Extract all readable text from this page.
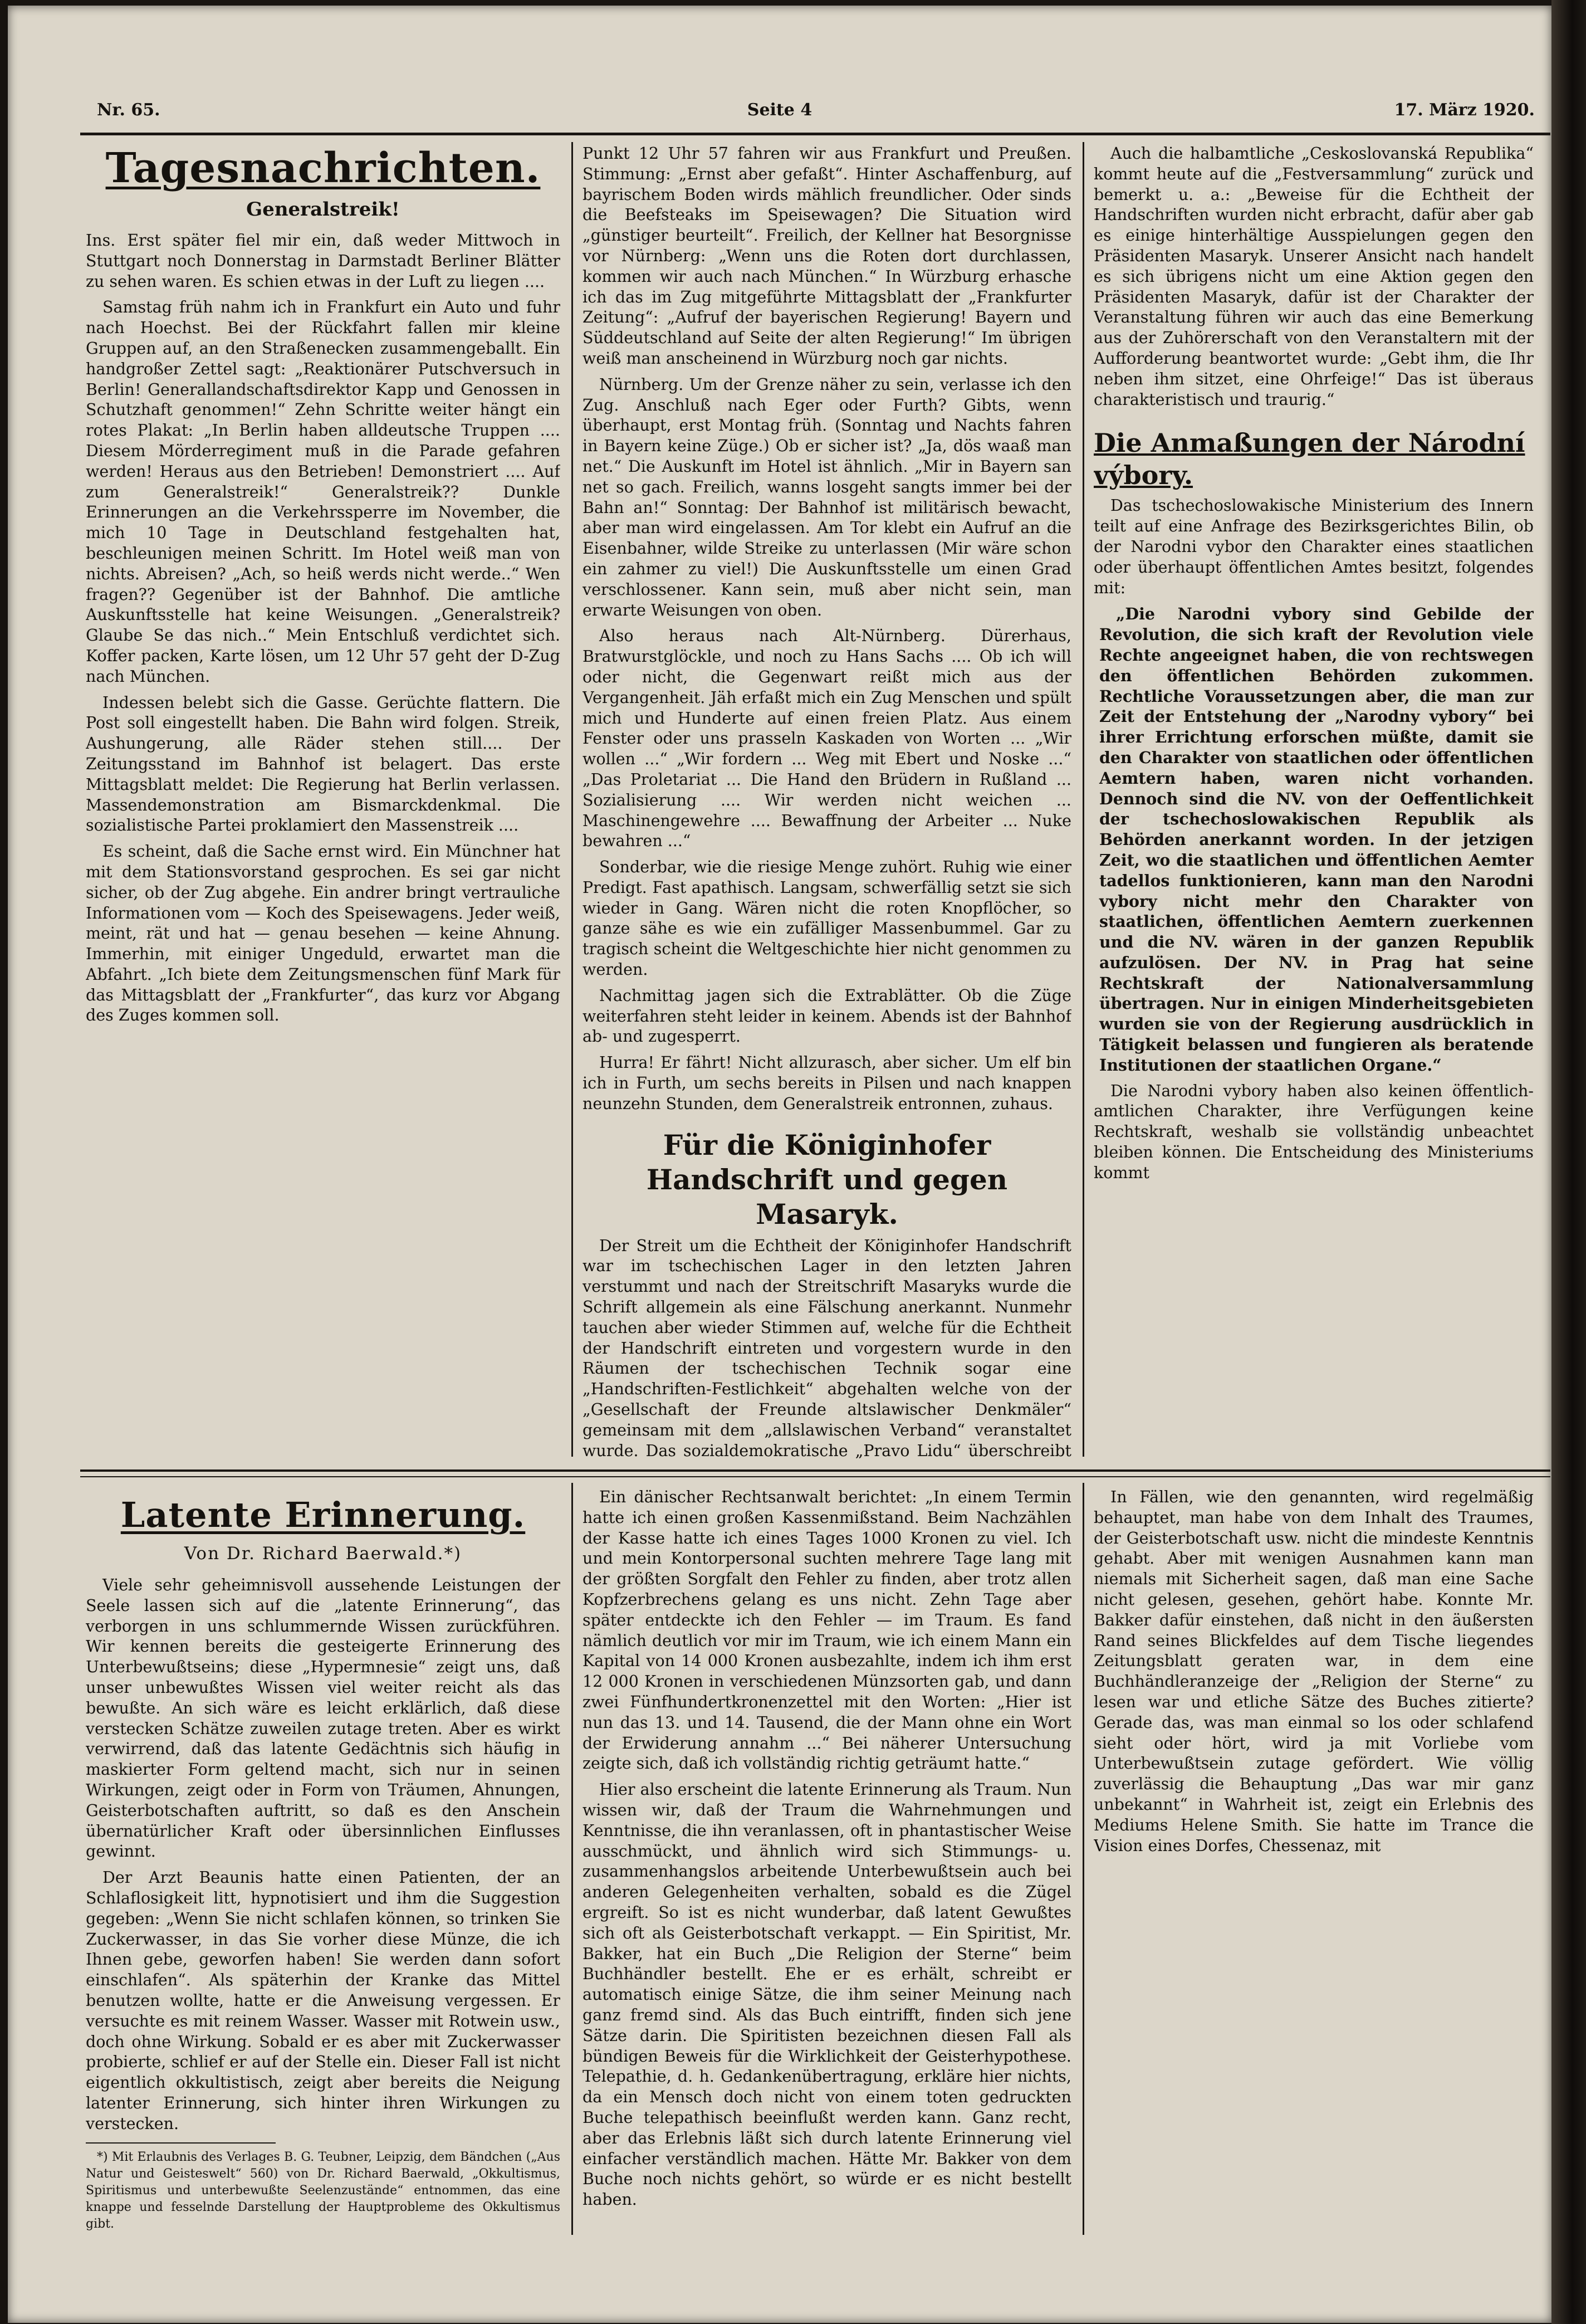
Nr. 65.	Seite 4	17. März 1920.
Tagesnachrichten.
Generalstreik!

Ins. Erst später fiel mir ein, daß weder Mittwoch in Stuttgart noch Donnerstag in Darmstadt Berliner Blätter zu sehen waren. Es schien etwas in der Luft zu liegen ....

Samstag früh nahm ich in Frankfurt ein Auto und fuhr nach Hoechst. Bei der Rückfahrt fallen mir kleine Gruppen auf, an den Straßenecken zusammengeballt. Ein handgroßer Zettel sagt: „Reaktionärer Putschversuch in Berlin! Generallandschaftsdirektor Kapp und Genossen in Schutzhaft genommen!“ Zehn Schritte weiter hängt ein rotes Plakat: „In Berlin haben alldeutsche Truppen .... Diesem Mörderregiment muß in die Parade gefahren werden! Heraus aus den Betrieben! Demonstriert .... Auf zum Generalstreik!“ Generalstreik?? Dunkle Erinnerungen an die Verkehrssperre im November, die mich 10 Tage in Deutschland festgehalten hat, beschleunigen meinen Schritt. Im Hotel weiß man von nichts. Abreisen? „Ach, so heiß werds nicht werde..“ Wen fragen?? Gegenüber ist der Bahnhof. Die amtliche Auskunftsstelle hat keine Weisungen. „Generalstreik? Glaube Se das nich..“ Mein Entschluß verdichtet sich. Koffer packen, Karte lösen, um 12 Uhr 57 geht der D-Zug nach München.

Indessen belebt sich die Gasse. Gerüchte flattern. Die Post soll eingestellt haben. Die Bahn wird folgen. Streik, Aushungerung, alle Räder stehen still.... Der Zeitungsstand im Bahnhof ist belagert. Das erste Mittagsblatt meldet: Die Regierung hat Berlin verlassen. Massendemonstration am Bismarckdenkmal. Die sozialistische Partei proklamiert den Massenstreik ....

Es scheint, daß die Sache ernst wird. Ein Münchner hat mit dem Stationsvorstand gesprochen. Es sei gar nicht sicher, ob der Zug abgehe. Ein andrer bringt vertrauliche Informationen vom — Koch des Speisewagens. Jeder weiß, meint, rät und hat — genau besehen — keine Ahnung. Immerhin, mit einiger Ungeduld, erwartet man die Abfahrt. „Ich biete dem Zeitungsmenschen fünf Mark für das Mittagsblatt der „Frankfurter“, das kurz vor Abgang des Zuges kommen soll.

Punkt 12 Uhr 57 fahren wir aus Frankfurt und Preußen. Stimmung: „Ernst aber gefaßt“. Hinter Aschaffenburg, auf bayrischem Boden wirds mählich freundlicher. Oder sinds die Beefsteaks im Speisewagen? Die Situation wird „günstiger beurteilt“. Freilich, der Kellner hat Besorgnisse vor Nürnberg: „Wenn uns die Roten dort durchlassen, kommen wir auch nach München.“ In Würzburg erhasche ich das im Zug mitgeführte Mittagsblatt der „Frankfurter Zeitung“: „Aufruf der bayerischen Regierung! Bayern und Süddeutschland auf Seite der alten Regierung!“ Im übrigen weiß man anscheinend in Würzburg noch gar nichts.

Nürnberg. Um der Grenze näher zu sein, verlasse ich den Zug. Anschluß nach Eger oder Furth? Gibts, wenn überhaupt, erst Montag früh. (Sonntag und Nachts fahren in Bayern keine Züge.) Ob er sicher ist? „Ja, dös waaß man net.“ Die Auskunft im Hotel ist ähnlich. „Mir in Bayern san net so gach. Freilich, wanns losgeht sangts immer bei der Bahn an!“ Sonntag: Der Bahnhof ist militärisch bewacht, aber man wird eingelassen. Am Tor klebt ein Aufruf an die Eisenbahner, wilde Streike zu unterlassen (Mir wäre schon ein zahmer zu viel!) Die Auskunftsstelle um einen Grad verschlossener. Kann sein, muß aber nicht sein, man erwarte Weisungen von oben.

Also heraus nach Alt-Nürnberg. Dürerhaus, Bratwurstglöckle, und noch zu Hans Sachs .... Ob ich will oder nicht, die Gegenwart reißt mich aus der Vergangenheit. Jäh erfaßt mich ein Zug Menschen und spült mich und Hunderte auf einen freien Platz. Aus einem Fenster oder uns prasseln Kaskaden von Worten ... „Wir wollen ...“ „Wir fordern ... Weg mit Ebert und Noske ...“ „Das Proletariat ... Die Hand den Brüdern in Rußland ... Sozialisierung .... Wir werden nicht weichen ... Maschinengewehre .... Bewaffnung der Arbeiter ... Nuke bewahren ...“

Sonderbar, wie die riesige Menge zuhört. Ruhig wie einer Predigt. Fast apathisch. Langsam, schwerfällig setzt sie sich wieder in Gang. Wären nicht die roten Knopflöcher, so ganze sähe es wie ein zufälliger Massenbummel. Gar zu tragisch scheint die Weltgeschichte hier nicht genommen zu werden.

Nachmittag jagen sich die Extrablätter. Ob die Züge weiterfahren steht leider in keinem. Abends ist der Bahnhof ab- und zugesperrt.

Hurra! Er fährt! Nicht allzurasch, aber sicher. Um elf bin ich in Furth, um sechs bereits in Pilsen und nach knappen neunzehn Stunden, dem Generalstreik entronnen, zuhaus.

Für die Königinhofer Handschrift und gegen Masaryk.

Der Streit um die Echtheit der Königinhofer Handschrift war im tschechischen Lager in den letzten Jahren verstummt und nach der Streitschrift Masaryks wurde die Schrift allgemein als eine Fälschung anerkannt. Nunmehr tauchen aber wieder Stimmen auf, welche für die Echtheit der Handschrift eintreten und vorgestern wurde in den Räumen der tschechischen Technik sogar eine „Handschriften-Festlichkeit“ abgehalten welche von der „Gesellschaft der Freunde altslawischer Denkmäler“ gemeinsam mit dem „allslawischen Verband“ veranstaltet wurde. Das sozialdemokratische „Pravo Lidu“ überschreibt

Auch die halbamtliche „Ceskoslovanská Republika“ kommt heute auf die „Festversammlung“ zurück und bemerkt u. a.: „Beweise für die Echtheit der Handschriften wurden nicht erbracht, dafür aber gab es einige hinterhältige Ausspielungen gegen den Präsidenten Masaryk. Unserer Ansicht nach handelt es sich übrigens nicht um eine Aktion gegen den Präsidenten Masaryk, dafür ist der Charakter der Veranstaltung führen wir auch das eine Bemerkung aus der Zuhörerschaft von den Veranstaltern mit der Aufforderung beantwortet wurde: „Gebt ihm, die Ihr neben ihm sitzet, eine Ohrfeige!“ Das ist überaus charakteristisch und traurig.“

Die Anmaßungen der Národní výbory.

Das tschechoslowakische Ministerium des Innern teilt auf eine Anfrage des Bezirksgerichtes Bilin, ob der Narodni vybor den Charakter eines staatlichen oder überhaupt öffentlichen Amtes besitzt, folgendes mit:

„Die Narodni vybory sind Gebilde der Revolution, die sich kraft der Revolution viele Rechte angeeignet haben, die von rechtswegen den öffentlichen Behörden zukommen. Rechtliche Voraussetzungen aber, die man zur Zeit der Entstehung der „Narodny vybory“ bei ihrer Errichtung erforschen müßte, damit sie den Charakter von staatlichen oder öffentlichen Aemtern haben, waren nicht vorhanden. Dennoch sind die NV. von der Oeffentlichkeit der tschechoslowakischen Republik als Behörden anerkannt worden. In der jetzigen Zeit, wo die staatlichen und öffentlichen Aemter tadellos funktionieren, kann man den Narodni vybory nicht mehr den Charakter von staatlichen, öffentlichen Aemtern zuerkennen und die NV. wären in der ganzen Republik aufzulösen. Der NV. in Prag hat seine Rechtskraft der Nationalversammlung übertragen. Nur in einigen Minderheitsgebieten wurden sie von der Regierung ausdrücklich in Tätigkeit belassen und fungieren als beratende Institutionen der staatlichen Organe.“

Die Narodni vybory haben also keinen öffentlich-amtlichen Charakter, ihre Verfügungen keine Rechtskraft, weshalb sie vollständig unbeachtet bleiben können. Die Entscheidung des Ministeriums kommt

Latente Erinnerung.
Von Dr. Richard Baerwald.*)

Viele sehr geheimnisvoll aussehende Leistungen der Seele lassen sich auf die „latente Erinnerung“, das verborgen in uns schlummernde Wissen zurückführen. Wir kennen bereits die gesteigerte Erinnerung des Unterbewußtseins; diese „Hypermnesie“ zeigt uns, daß unser unbewußtes Wissen viel weiter reicht als das bewußte. An sich wäre es leicht erklärlich, daß diese verstecken Schätze zuweilen zutage treten. Aber es wirkt verwirrend, daß das latente Gedächtnis sich häufig in maskierter Form geltend macht, sich nur in seinen Wirkungen, zeigt oder in Form von Träumen, Ahnungen, Geisterbotschaften auftritt, so daß es den Anschein übernatürlicher Kraft oder übersinnlichen Einflusses gewinnt.

Der Arzt Beaunis hatte einen Patienten, der an Schlaflosigkeit litt, hypnotisiert und ihm die Suggestion gegeben: „Wenn Sie nicht schlafen können, so trinken Sie Zuckerwasser, in das Sie vorher diese Münze, die ich Ihnen gebe, geworfen haben! Sie werden dann sofort einschlafen“. Als späterhin der Kranke das Mittel benutzen wollte, hatte er die Anweisung vergessen. Er versuchte es mit reinem Wasser. Wasser mit Rotwein usw., doch ohne Wirkung. Sobald er es aber mit Zuckerwasser probierte, schlief er auf der Stelle ein. Dieser Fall ist nicht eigentlich okkultistisch, zeigt aber bereits die Neigung latenter Erinnerung, sich hinter ihren Wirkungen zu verstecken.

*) Mit Erlaubnis des Verlages B. G. Teubner, Leipzig, dem Bändchen („Aus Natur und Geisteswelt“ 560) von Dr. Richard Baerwald, „Okkultismus, Spiritismus und unterbewußte Seelenzustände“ entnommen, das eine knappe und fesselnde Darstellung der Hauptprobleme des Okkultismus gibt.

Ein dänischer Rechtsanwalt berichtet: „In einem Termin hatte ich einen großen Kassenmißstand. Beim Nachzählen der Kasse hatte ich eines Tages 1000 Kronen zu viel. Ich und mein Kontorpersonal suchten mehrere Tage lang mit der größten Sorgfalt den Fehler zu finden, aber trotz allen Kopfzerbrechens gelang es uns nicht. Zehn Tage aber später entdeckte ich den Fehler — im Traum. Es fand nämlich deutlich vor mir im Traum, wie ich einem Mann ein Kapital von 14 000 Kronen ausbezahlte, indem ich ihm erst 12 000 Kronen in verschiedenen Münzsorten gab, und dann zwei Fünfhundertkronenzettel mit den Worten: „Hier ist nun das 13. und 14. Tausend, die der Mann ohne ein Wort der Erwiderung annahm ...“ Bei näherer Untersuchung zeigte sich, daß ich vollständig richtig geträumt hatte.“

Hier also erscheint die latente Erinnerung als Traum. Nun wissen wir, daß der Traum die Wahrnehmungen und Kenntnisse, die ihn veranlassen, oft in phantastischer Weise ausschmückt, und ähnlich wird sich Stimmungs- u. zusammenhangslos arbeitende Unterbewußtsein auch bei anderen Gelegenheiten verhalten, sobald es die Zügel ergreift. So ist es nicht wunderbar, daß latent Gewußtes sich oft als Geisterbotschaft verkappt. — Ein Spiritist, Mr. Bakker, hat ein Buch „Die Religion der Sterne“ beim Buchhändler bestellt. Ehe er es erhält, schreibt er automatisch einige Sätze, die ihm seiner Meinung nach ganz fremd sind. Als das Buch eintrifft, finden sich jene Sätze darin. Die Spiritisten bezeichnen diesen Fall als bündigen Beweis für die Wirklichkeit der Geisterhypothese. Telepathie, d. h. Gedankenübertragung, erkläre hier nichts, da ein Mensch doch nicht von einem toten gedruckten Buche telepathisch beeinflußt werden kann. Ganz recht, aber das Erlebnis läßt sich durch latente Erinnerung viel einfacher verständlich machen. Hätte Mr. Bakker von dem Buche noch nichts gehört, so würde er es nicht bestellt haben.

In Fällen, wie den genannten, wird regelmäßig behauptet, man habe von dem Inhalt des Traumes, der Geisterbotschaft usw. nicht die mindeste Kenntnis gehabt. Aber mit wenigen Ausnahmen kann man niemals mit Sicherheit sagen, daß man eine Sache nicht gelesen, gesehen, gehört habe. Konnte Mr. Bakker dafür einstehen, daß nicht in den äußersten Rand seines Blickfeldes auf dem Tische liegendes Zeitungsblatt geraten war, in dem eine Buchhändleranzeige der „Religion der Sterne“ zu lesen war und etliche Sätze des Buches zitierte? Gerade das, was man einmal so los oder schlafend sieht oder hört, wird ja mit Vorliebe vom Unterbewußtsein zutage gefördert. Wie völlig zuverlässig die Behauptung „Das war mir ganz unbekannt“ in Wahrheit ist, zeigt ein Erlebnis des Mediums Helene Smith. Sie hatte im Trance die Vision eines Dorfes, Chessenaz, mit
